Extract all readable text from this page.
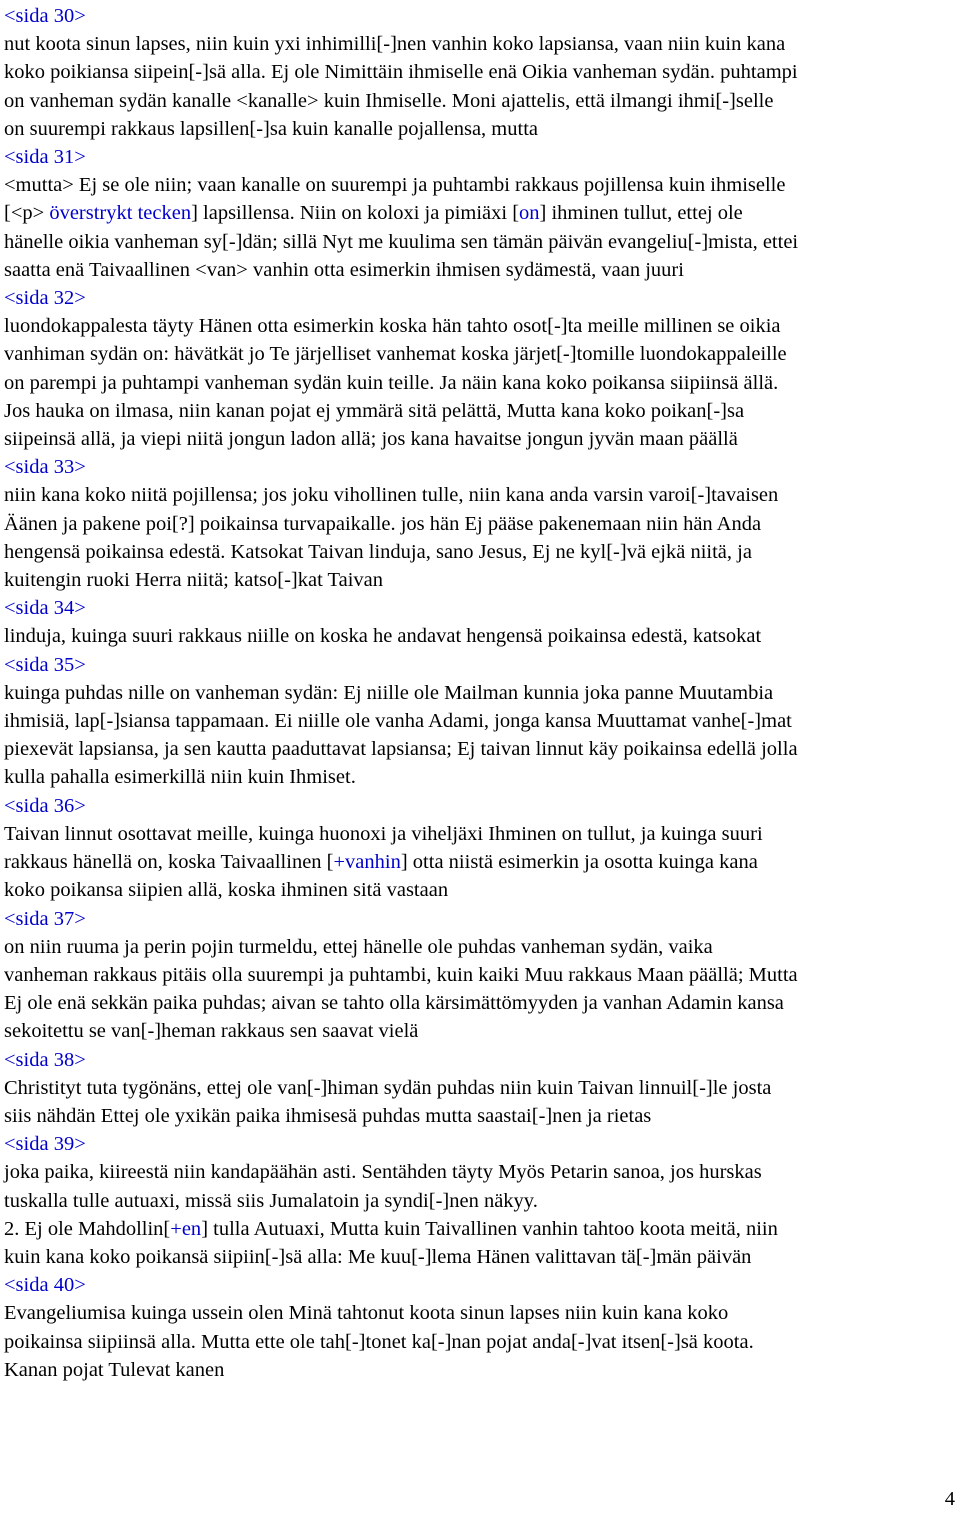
<sida 30>
nut koota sinun lapses, niin kuin yxi inhimilli[-]nen vanhin koko lapsiansa, vaan niin kuin kana
koko poikiansa siipein[-]sä alla. Ej ole Nimittäin ihmiselle enä Oikia vanheman sydän. puhtampi
on vanheman sydän kanalle <kanalle> kuin Ihmiselle. Moni ajattelis, että ilmangi ihmi[-]selle
on suurempi rakkaus lapsillen[-]sa kuin kanalle pojallensa, mutta
<sida 31>
<mutta> Ej se ole niin; vaan kanalle on suurempi ja puhtambi rakkaus pojillensa kuin ihmiselle
[<p> överstrykt tecken] lapsillensa. Niin on koloxi ja pimiäxi [on] ihminen tullut, ettej ole
hänelle oikia vanheman sy[-]dän; sillä Nyt me kuulima sen tämän päivän evangeliu[-]mista, ettei
saatta enä Taivaallinen <van> vanhin otta esimerkin ihmisen sydämestä, vaan juuri
<sida 32>
luondokappalesta täyty Hänen otta esimerkin koska hän tahto osot[-]ta meille millinen se oikia
vanhiman sydän on: hävätkät jo Te järjelliset vanhemat koska järjet[-]tomille luondokappaleille
on parempi ja puhtampi vanheman sydän kuin teille. Ja näin kana koko poikansa siipiinsä ällä.
Jos hauka on ilmasa, niin kanan pojat ej ymmärä sitä pelättä, Mutta kana koko poikan[-]sa
siipeinsä allä, ja viepi niitä jongun ladon allä; jos kana havaitse jongun jyvän maan päällä
<sida 33>
niin kana koko niitä pojillensa; jos joku vihollinen tulle, niin kana anda varsin varoi[-]tavaisen
Äänen ja pakene poi[?] poikainsa turvapaikalle. jos hän Ej pääse pakenemaan niin hän Anda
hengensä poikainsa edestä. Katsokat Taivan linduja, sano Jesus, Ej ne kyl[-]vä ejkä niitä, ja
kuitengin ruoki Herra niitä; katso[-]kat Taivan
<sida 34>
linduja, kuinga suuri rakkaus niille on koska he andavat hengensä poikainsa edestä, katsokat
<sida 35>
kuinga puhdas nille on vanheman sydän: Ej niille ole Mailman kunnia joka panne Muutambia
ihmisiä, lap[-]siansa tappamaan. Ei niille ole vanha Adami, jonga kansa Muuttamat vanhe[-]mat
piexevät lapsiansa, ja sen kautta paaduttavat lapsiansa; Ej taivan linnut käy poikainsa edellä jolla
kulla pahalla esimerkillä niin kuin Ihmiset.
<sida 36>
Taivan linnut osottavat meille, kuinga huonoxi ja viheljäxi Ihminen on tullut, ja kuinga suuri
rakkaus hänellä on, koska Taivaallinen [+vanhin] otta niistä esimerkin ja osotta kuinga kana
koko poikansa siipien allä, koska ihminen sitä vastaan
<sida 37>
on niin ruuma ja perin pojin turmeldu, ettej hänelle ole puhdas vanheman sydän, vaika
vanheman rakkaus pitäis olla suurempi ja puhtambi, kuin kaiki Muu rakkaus Maan päällä; Mutta
Ej ole enä sekkän paika puhdas; aivan se tahto olla kärsimättömyyden ja vanhan Adamin kansa
sekoitettu se van[-]heman rakkaus sen saavat vielä
<sida 38>
Christityt tuta tygönäns, ettej ole van[-]himan sydän puhdas niin kuin Taivan linnuil[-]le josta
siis nähdän Ettej ole yxikän paika ihmisesä puhdas mutta saastai[-]nen ja rietas
<sida 39>
joka paika, kiireestä niin kandapäähän asti. Sentähden täyty Myös Petarin sanoa, jos hurskas
tuskalla tulle autuaxi, missä siis Jumalatoin ja syndi[-]nen näkyy.
2. Ej ole Mahdollin[+en] tulla Autuaxi, Mutta kuin Taivallinen vanhin tahtoo koota meitä, niin
kuin kana koko poikansä siipiin[-]sä alla: Me kuu[-]lema Hänen valittavan tä[-]män päivän
<sida 40>
Evangeliumisa kuinga ussein olen Minä tahtonut koota sinun lapses niin kuin kana koko
poikainsa siipiinsä alla. Mutta ette ole tah[-]tonet ka[-]nan pojat anda[-]vat itsen[-]sä koota.
Kanan pojat Tulevat kanen
4
